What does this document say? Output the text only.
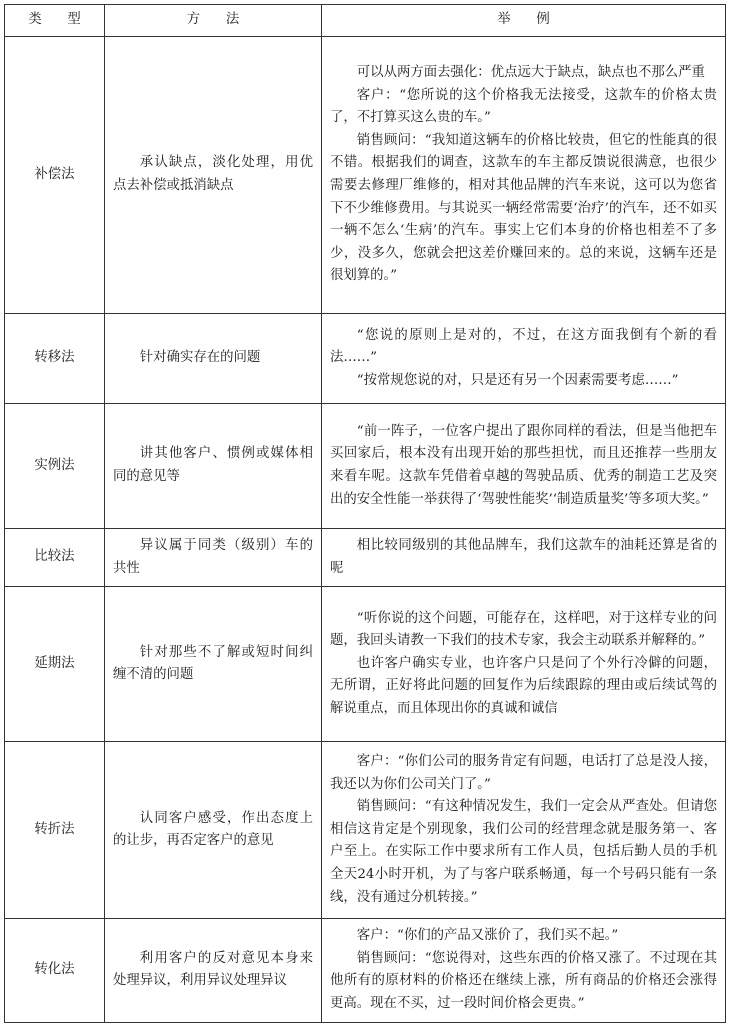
类 型	方 法	举 例
补偿法	承认缺点，淡化处理，用优点去补偿或抵消缺点	可以从两方面去强化：优点远大于缺点，缺点也不那么严重

客户：“您所说的这个价格我无法接受，这款车的价格太贵了，不打算买这么贵的车。”

销售顾问：“我知道这辆车的价格比较贵，但它的性能真的很不错。根据我们的调查，这款车的车主都反馈说很满意，也很少需要去修理厂维修的，相对其他品牌的汽车来说，这可以为您省下不少维修费用。与其说买一辆经常需要‘治疗’的汽车，还不如买一辆不怎么‘生病’的汽车。事实上它们本身的价格也相差不了多少，没多久，您就会把这差价赚回来的。总的来说，这辆车还是很划算的。”

转移法	针对确实存在的问题	“您说的原则上是对的，不过，在这方面我倒有个新的看法……”

“按常规您说的对，只是还有另一个因素需要考虑……”

实例法	讲其他客户、惯例或媒体相同的意见等	“前一阵子，一位客户提出了跟你同样的看法，但是当他把车买回家后，根本没有出现开始的那些担忧，而且还推荐一些朋友来看车呢。这款车凭借着卓越的驾驶品质、优秀的制造工艺及突出的安全性能一举获得了‘驾驶性能奖’‘制造质量奖’等多项大奖。”

比较法	异议属于同类（级别）车的共性	相比较同级别的其他品牌车，我们这款车的油耗还算是省的呢

延期法	针对那些不了解或短时间纠缠不清的问题	“听你说的这个问题，可能存在，这样吧，对于这样专业的问题，我回头请教一下我们的技术专家，我会主动联系并解释的。”

也许客户确实专业，也许客户只是问了个外行冷僻的问题，无所谓，正好将此问题的回复作为后续跟踪的理由或后续试驾的解说重点，而且体现出你的真诚和诚信

转折法	认同客户感受，作出态度上的让步，再否定客户的意见	客户：“你们公司的服务肯定有问题，电话打了总是没人接，我还以为你们公司关门了。”

销售顾问：“有这种情况发生，我们一定会从严查处。但请您相信这肯定是个别现象，我们公司的经营理念就是服务第一、客户至上。在实际工作中要求所有工作人员，包括后勤人员的手机全天24小时开机，为了与客户联系畅通，每一个号码只能有一条线，没有通过分机转接。”

转化法	利用客户的反对意见本身来处理异议，利用异议处理异议	客户：“你们的产品又涨价了，我们买不起。”

销售顾问：“您说得对，这些东西的价格又涨了。不过现在其他所有的原材料的价格还在继续上涨，所有商品的价格还会涨得更高。现在不买，过一段时间价格会更贵。”
